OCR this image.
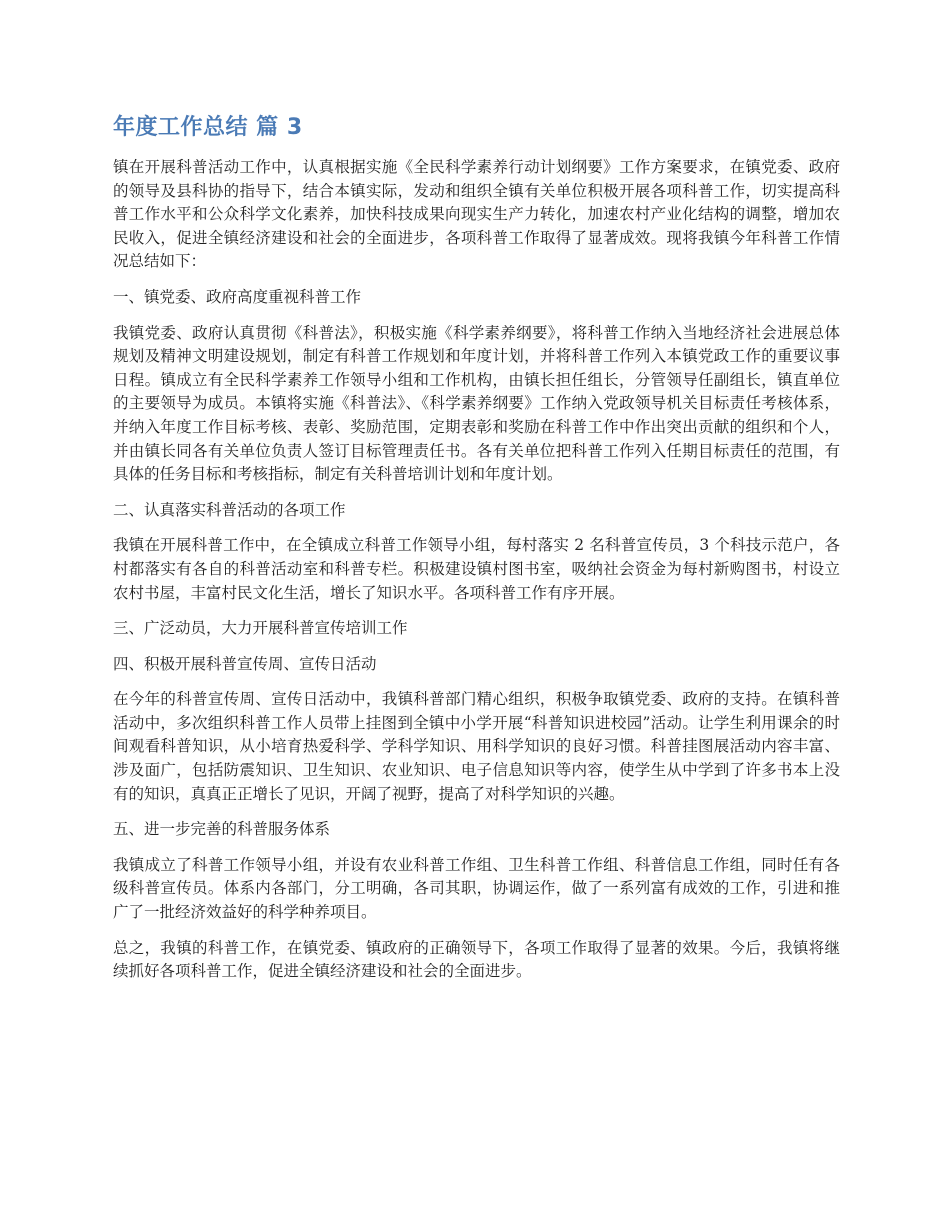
年度工作总结 篇 3

镇在开展科普活动工作中，认真根据实施《全民科学素养行动计划纲要》工作方案要求，在镇党委、政府的领导及县科协的指导下，结合本镇实际，发动和组织全镇有关单位积极开展各项科普工作，切实提高科普工作水平和公众科学文化素养，加快科技成果向现实生产力转化，加速农村产业化结构的调整，增加农民收入，促进全镇经济建设和社会的全面进步，各项科普工作取得了显著成效。现将我镇今年科普工作情况总结如下：

一、镇党委、政府高度重视科普工作

我镇党委、政府认真贯彻《科普法》，积极实施《科学素养纲要》，将科普工作纳入当地经济社会进展总体规划及精神文明建设规划，制定有科普工作规划和年度计划，并将科普工作列入本镇党政工作的重要议事日程。镇成立有全民科学素养工作领导小组和工作机构，由镇长担任组长，分管领导任副组长，镇直单位的主要领导为成员。本镇将实施《科普法》、《科学素养纲要》工作纳入党政领导机关目标责任考核体系，并纳入年度工作目标考核、表彰、奖励范围，定期表彰和奖励在科普工作中作出突出贡献的组织和个人，并由镇长同各有关单位负责人签订目标管理责任书。各有关单位把科普工作列入任期目标责任的范围，有具体的任务目标和考核指标，制定有关科普培训计划和年度计划。

二、认真落实科普活动的各项工作

我镇在开展科普工作中，在全镇成立科普工作领导小组，每村落实 2 名科普宣传员，3 个科技示范户，各村都落实有各自的科普活动室和科普专栏。积极建设镇村图书室，吸纳社会资金为每村新购图书，村设立农村书屋，丰富村民文化生活，增长了知识水平。各项科普工作有序开展。

三、广泛动员，大力开展科普宣传培训工作

四、积极开展科普宣传周、宣传日活动

在今年的科普宣传周、宣传日活动中，我镇科普部门精心组织，积极争取镇党委、政府的支持。在镇科普活动中，多次组织科普工作人员带上挂图到全镇中小学开展“科普知识进校园”活动。让学生利用课余的时间观看科普知识，从小培育热爱科学、学科学知识、用科学知识的良好习惯。科普挂图展活动内容丰富、涉及面广，包括防震知识、卫生知识、农业知识、电子信息知识等内容，使学生从中学到了许多书本上没有的知识，真真正正增长了见识，开阔了视野，提高了对科学知识的兴趣。

五、进一步完善的科普服务体系

我镇成立了科普工作领导小组，并设有农业科普工作组、卫生科普工作组、科普信息工作组，同时任有各级科普宣传员。体系内各部门，分工明确，各司其职，协调运作，做了一系列富有成效的工作，引进和推广了一批经济效益好的科学种养项目。

总之，我镇的科普工作，在镇党委、镇政府的正确领导下，各项工作取得了显著的效果。今后，我镇将继续抓好各项科普工作，促进全镇经济建设和社会的全面进步。
